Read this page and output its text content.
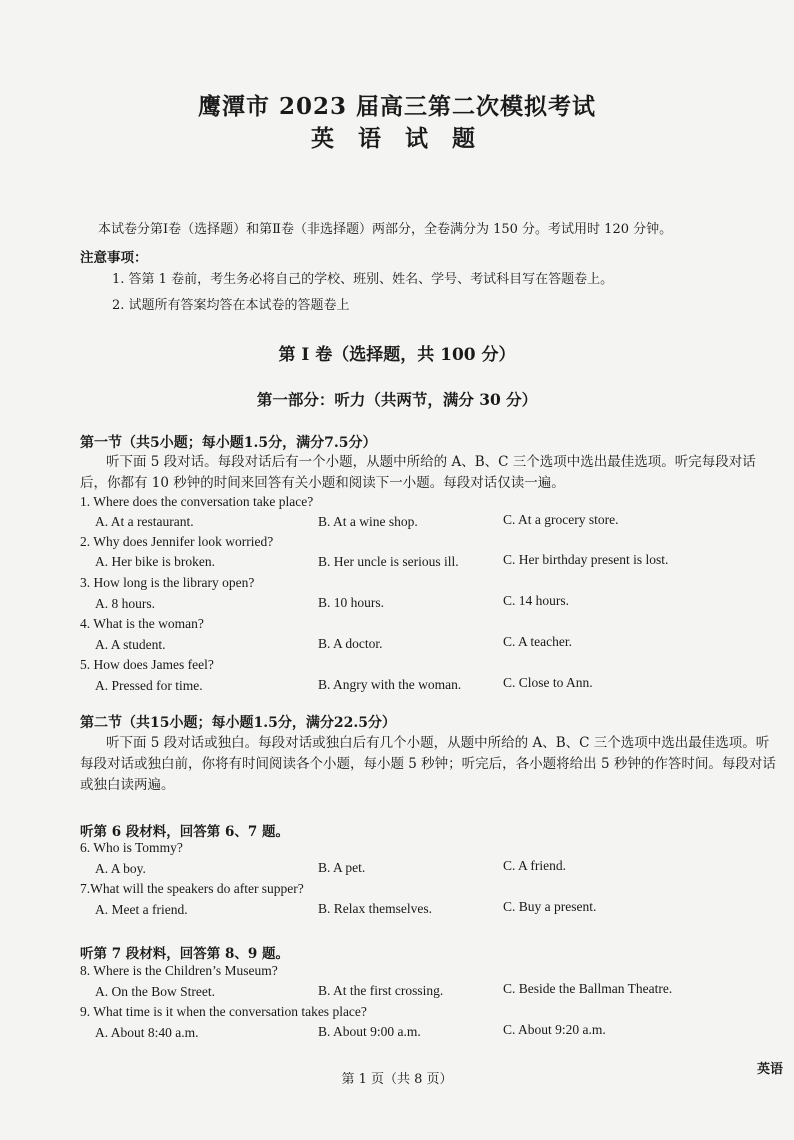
鹰潭市 2023 届高三第二次模拟考试
英 语 试 题
本试卷分第Ⅰ卷（选择题）和第Ⅱ卷（非选择题）两部分，全卷满分为 150 分。考试用时 120 分钟。
注意事项：
1. 答第 1 卷前，考生务必将自己的学校、班别、姓名、学号、考试科目写在答题卷上。
2. 试题所有答案均答在本试卷的答题卷上
第 I 卷（选择题，共 100 分）
第一部分：听力（共两节，满分 30 分）
第一节（共5小题；每小题1.5分，满分7.5分）
听下面 5 段对话。每段对话后有一个小题，从题中所给的 A、B、C 三个选项中选出最佳选项。听完每段对话后，你都有 10 秒钟的时间来回答有关小题和阅读下一小题。每段对话仅读一遍。
1. Where does the conversation take place?
A. At a restaurant.	B. At a wine shop.	C. At a grocery store.
2. Why does Jennifer look worried?
A. Her bike is broken.	B. Her uncle is serious ill.	C. Her birthday present is lost.
3. How long is the library open?
A. 8 hours.	B. 10 hours.	C. 14 hours.
4. What is the woman?
A. A student.	B. A doctor.	C. A teacher.
5. How does James feel?
A. Pressed for time.	B. Angry with the woman.	C. Close to Ann.
第二节（共15小题；每小题1.5分，满分22.5分）
听下面 5 段对话或独白。每段对话或独白后有几个小题，从题中所给的 A、B、C 三个选项中选出最佳选项。听每段对话或独白前，你将有时间阅读各个小题，每小题 5 秒钟；听完后，各小题将给出 5 秒钟的作答时间。每段对话或独白读两遍。
听第 6 段材料，回答第 6、7 题。
6. Who is Tommy?
A. A boy.	B. A pet.	C. A friend.
7.What will the speakers do after supper?
A. Meet a friend.	B. Relax themselves.	C. Buy a present.
听第 7 段材料，回答第 8、9 题。
8. Where is the Children’s Museum?
A. On the Bow Street.	B. At the first crossing.	C. Beside the Ballman Theatre.
9. What time is it when the conversation takes place?
A. About 8:40 a.m.	B. About 9:00 a.m.	C. About 9:20 a.m.
第 1 页（共 8 页）
英语
